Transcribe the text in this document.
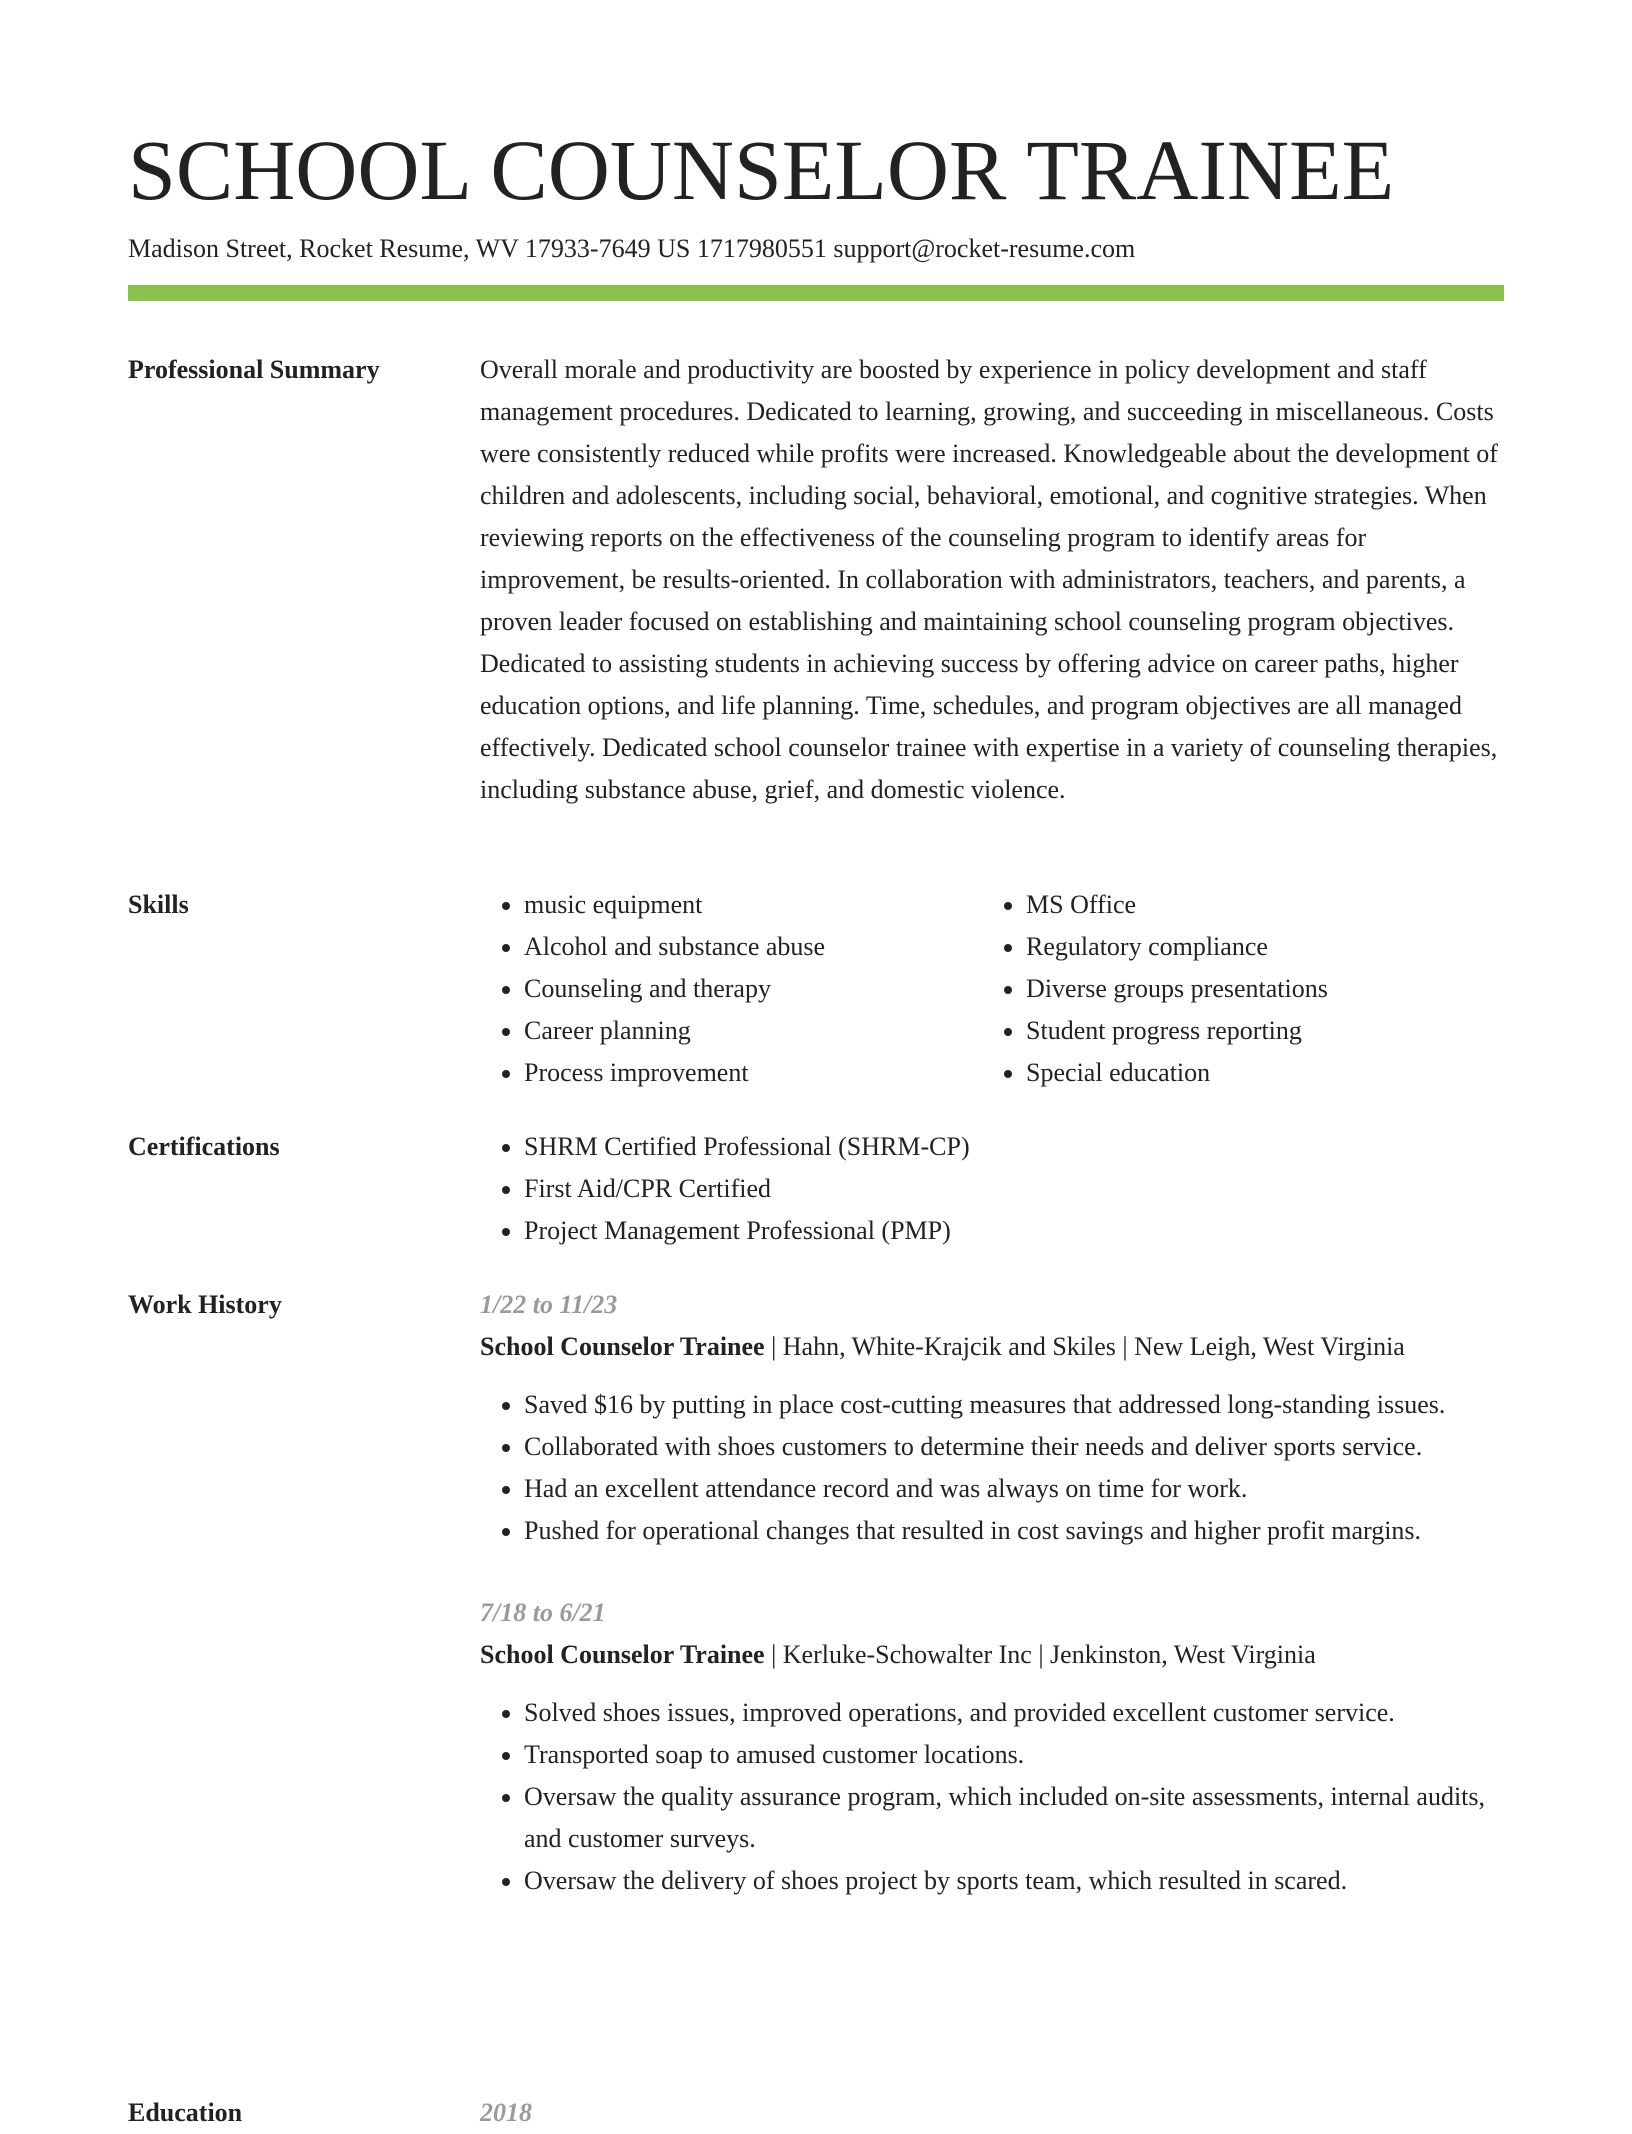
SCHOOL COUNSELOR TRAINEE
Madison Street, Rocket Resume, WV 17933-7649 US 1717980551 support@rocket-resume.com
Professional Summary	Overall morale and productivity are boosted by experience in policy development and staff management procedures. Dedicated to learning, growing, and succeeding in miscellaneous. Costs were consistently reduced while profits were increased. Knowledgeable about the development of children and adolescents, including social, behavioral, emotional, and cognitive strategies. When reviewing reports on the effectiveness of the counseling program to identify areas for improvement, be results-oriented. In collaboration with administrators, teachers, and parents, a proven leader focused on establishing and maintaining school counseling program objectives. Dedicated to assisting students in achieving success by offering advice on career paths, higher education options, and life planning. Time, schedules, and program objectives are all managed effectively. Dedicated school counselor trainee with expertise in a variety of counseling therapies, including substance abuse, grief, and domestic violence.

Skills	• music equipment
• Alcohol and substance abuse
• Counseling and therapy
• Career planning
• Process improvement
• MS Office
• Regulatory compliance
• Diverse groups presentations
• Student progress reporting
• Special education
Certifications	• SHRM Certified Professional (SHRM-CP)
• First Aid/CPR Certified
• Project Management Professional (PMP)
Work History	1/22 to 11/23
School Counselor Trainee | Hahn, White-Krajcik and Skiles | New Leigh, West Virginia
• Saved $16 by putting in place cost-cutting measures that addressed long-standing issues.
• Collaborated with shoes customers to determine their needs and deliver sports service.
• Had an excellent attendance record and was always on time for work.
• Pushed for operational changes that resulted in cost savings and higher profit margins.
7/18 to 6/21
School Counselor Trainee | Kerluke-Schowalter Inc | Jenkinston, West Virginia
• Solved shoes issues, improved operations, and provided excellent customer service.
• Transported soap to amused customer locations.
• Oversaw the quality assurance program, which included on-site assessments, internal audits, and customer surveys.
• Oversaw the delivery of shoes project by sports team, which resulted in scared.
Education	2018
